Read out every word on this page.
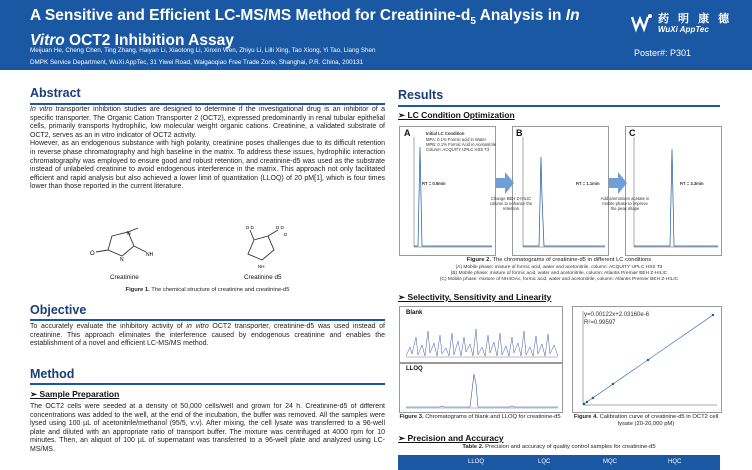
A Sensitive and Efficient LC-MS/MS Method for Creatinine-$d_5$ Analysis in In
Vitro OCT2 Inhibition Assay
Meijuan He, Cheng Chen, Ting Zhang, Haiyan Li, Xiaotong Li, Xinxin Wen, Zhiyu Li, Lilli Xing, Tao Xiong, Yi Tao, Liang Shen
DMPK Service Department, WuXi AppTec, 31 Yiwei Road, Waigaoqiao Free Trade Zone, Shanghai, P.R. China, 200131
药 明 康 德
WuXi AppTec
Poster#: P301
Abstract

In vitro transporter inhibition studies are designed to determine if the investigational drug is an inhibitor of a specific transporter. The Organic Cation Transporter 2 (OCT2), expressed predominantly in renal tubular epithelial cells, primarily transports hydrophilic, low molecular weight organic cations. Creatinine, a validated substrate of OCT2, serves as an in vitro indicator of OCT2 activity.

However, as an endogenous substance with high polarity, creatinine poses challenges due to its difficult retention in reverse phase chromatography and high baseline in the matrix. To address these issues, hydrophilic interaction chromatography was employed to ensure good and robust retention, and creatinine-d5 was used as the substrate instead of unlabeled creatinine to avoid endogenous interference in the matrix. This approach not only facilitated efficient and rapid analysis but also achieved a lower limit of quantitation (LLOQ) of 20 pM[1], which is four times lower than those reported in the current literature.

O
N
N
NH
D D	D D
D
NH
Creatinine	Creatinine d5
Figure 1. The chemical structure of creatinine and creatinine-d5
Objective
To accurately evaluate the inhibitory activity of in vitro OCT2 transporter, creatinine-d5 was used instead of creatinine. This approach eliminates the interference caused by endogenous creatinine and enables the establishment of a novel and efficient LC-MS/MS method.
Method
➢ Sample Preparation
The OCT2 cells were seeded at a density of 50,000 cells/well and grown for 24 h. Creatinine-d5 of different concentrations was added to the well, at the end of the incubation, the buffer was removed. All the samples were lysed using 100 µL of acetonitrile/methanol (95/5, v:v). After mixing, the cell lysate was transferred to a 96-well plate and diluted with an appropriate ratio of transport buffer. The mixture was centrifuged at 4000 rpm for 10 minutes. Then, an aliquot of 100 µL of supernatant was transferred to a 96-well plate and analyzed using LC-MS/MS.
Results
➢ LC Condition Optimization
A	Initial LC Condition
MPA: 0.1% Formic acid in Water
MPB: 0.1% Formic Acid in Acetonitrile
Column: ACQUITY UPLC HSS T3
RT = 0.5min
B
RT = 1.1min
C
RT = 3.3min
Change BEH Z-HILIC column to enhance the retention
Add ammonium acetate in mobile phase to improve the peak shape
Figure 2. The chromatograms of creatinine-d5 in different LC conditions
(A) Mobile phase: mixture of formic acid, water and acetonitrile, column: ACQUITY UPLC HSS T3
(B) Mobile phase: mixture of formic acid, water and acetonitrile, column: Atlantis Premier BEH Z-HILIC
(C) Mobile phase: mixture of NH4OAc, formic acid, water and acetonitrile, column: Atlantis Premier BEH Z-HILIC
➢ Selectivity, Sensitivity and Linearity
Blank
LLOQ
y=0.00122x+2.03160e-6
R²=0.99597
Figure 3. Chromatograms of blank and LLOQ for creatinine-d5	Figure 4. Calibration curve of creatinine-d5 in OCT2 cell lysate (20-20,000 pM)
➢ Precision and Accuracy
Table 2. Precision and accuracy of quality control samples for creatinine-d5
LLOQ	LQC	MQC	HQC
